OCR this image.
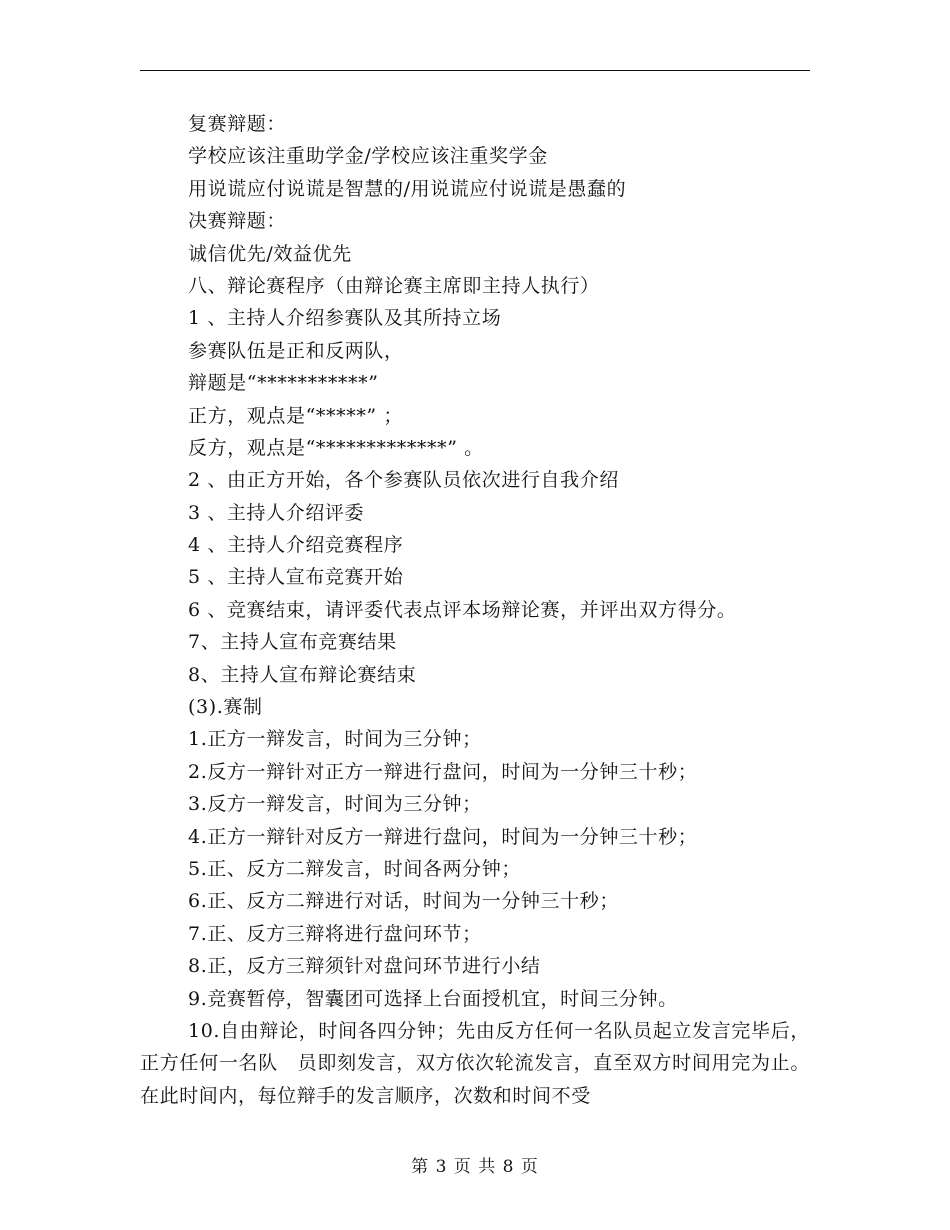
复赛辩题：
学校应该注重助学金/学校应该注重奖学金
用说谎应付说谎是智慧的/用说谎应付说谎是愚蠢的
决赛辩题：
诚信优先/效益优先
八、辩论赛程序（由辩论赛主席即主持人执行）
1 、主持人介绍参赛队及其所持立场
参赛队伍是正和反两队，
辩题是“***********”
正方，观点是“*****” ；
反方，观点是“*************” 。
2 、由正方开始，各个参赛队员依次进行自我介绍
3 、主持人介绍评委
4 、主持人介绍竞赛程序
5 、主持人宣布竞赛开始
6 、竞赛结束，请评委代表点评本场辩论赛，并评出双方得分。
7、主持人宣布竞赛结果
8、主持人宣布辩论赛结束
(3).赛制
1.正方一辩发言，时间为三分钟；
2.反方一辩针对正方一辩进行盘问，时间为一分钟三十秒；
3.反方一辩发言，时间为三分钟；
4.正方一辩针对反方一辩进行盘问，时间为一分钟三十秒；
5.正、反方二辩发言，时间各两分钟；
6.正、反方二辩进行对话，时间为一分钟三十秒；
7.正、反方三辩将进行盘问环节；
8.正，反方三辩须针对盘问环节进行小结
9.竞赛暂停，智囊团可选择上台面授机宜，时间三分钟。
10.自由辩论，时间各四分钟；先由反方任何一名队员起立发言完毕后，正方任何一名队　员即刻发言，双方依次轮流发言，直至双方时间用完为止。在此时间内，每位辩手的发言顺序，次数和时间不受
第 3 页 共 8 页
